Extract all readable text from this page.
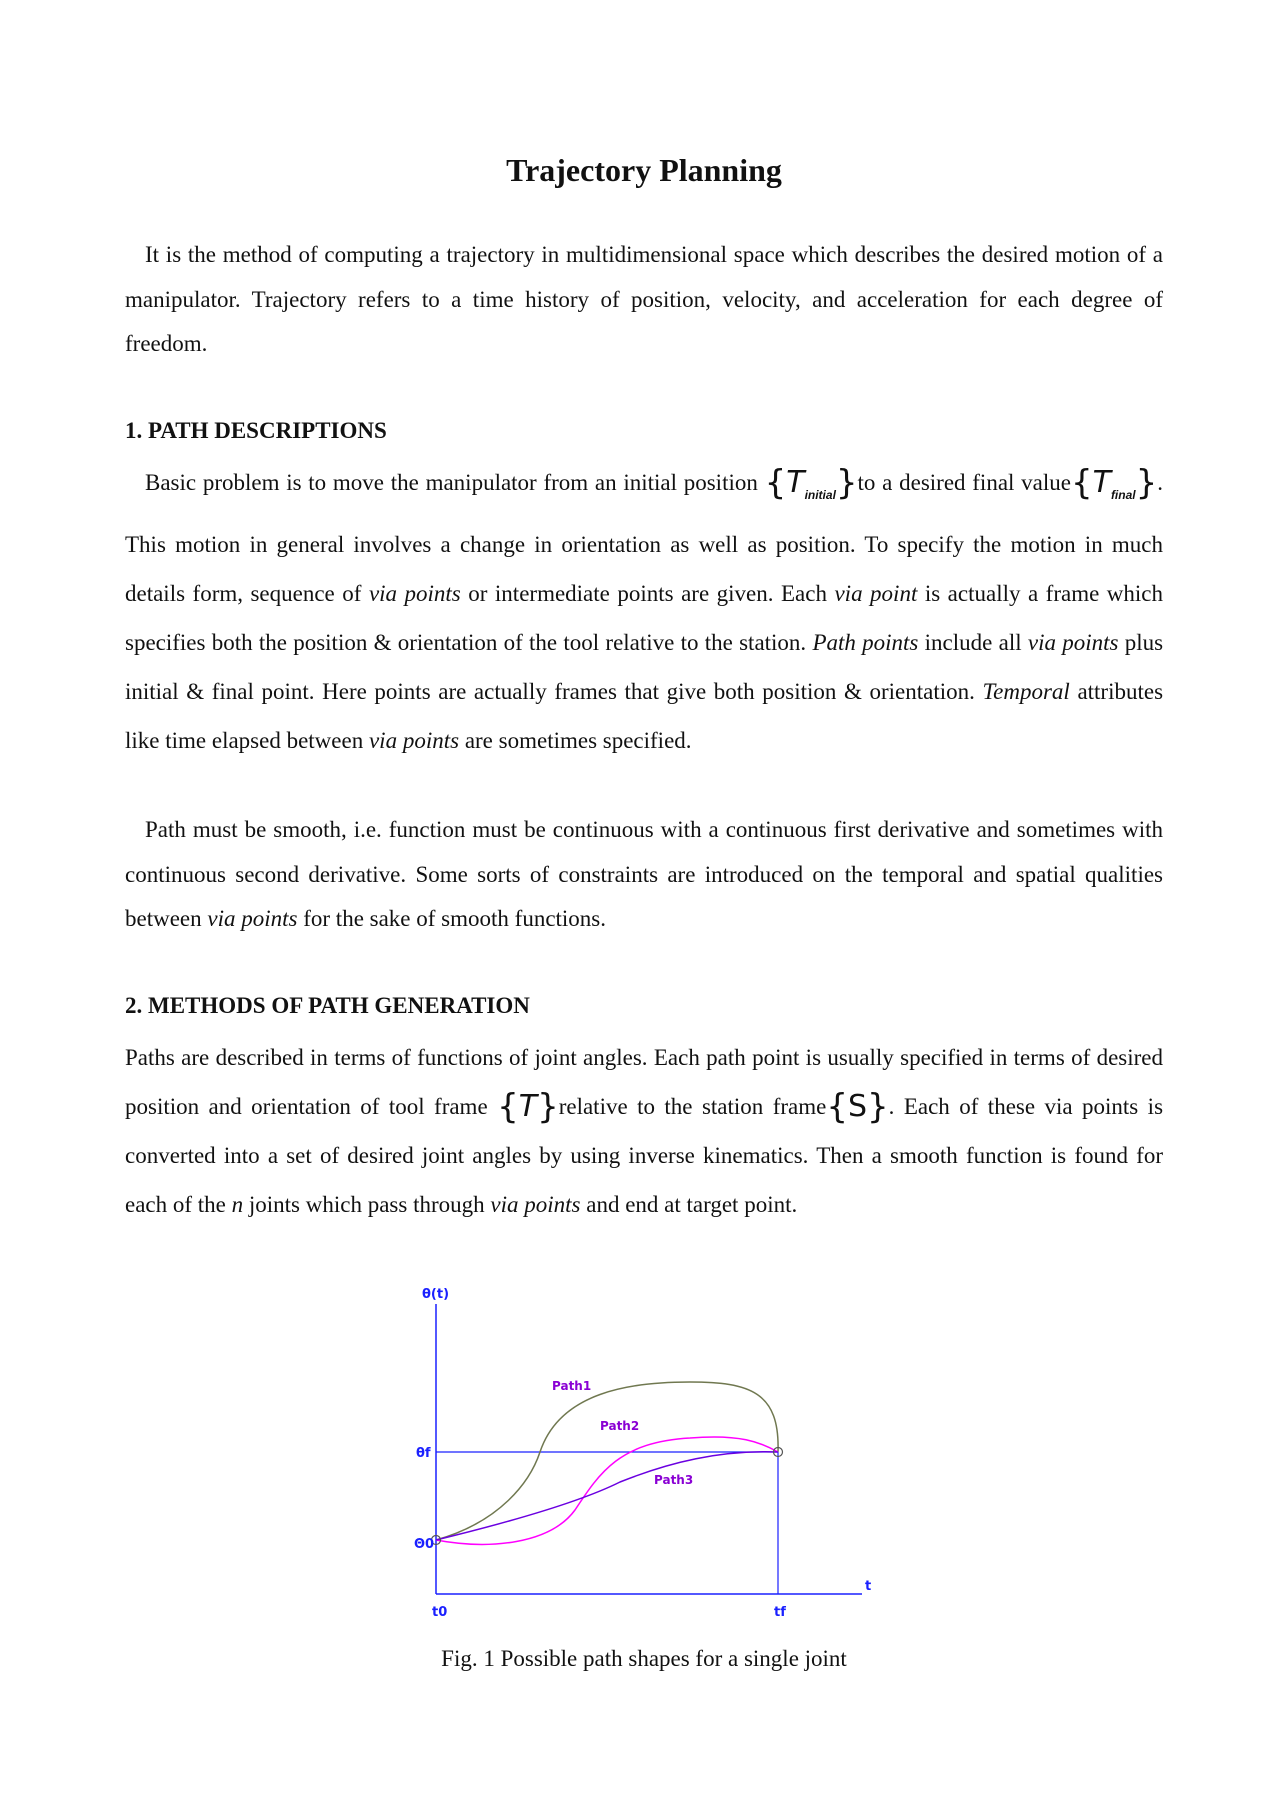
Trajectory Planning

It is the method of computing a trajectory in multidimensional space which describes the desired motion of a manipulator. Trajectory refers to a time history of position, velocity, and acceleration for each degree of freedom.

1. PATH DESCRIPTIONS

Basic problem is to move the manipulator from an initial position $\{T_{initial}\}to$ a desired final $value\{T_{final}\}$. This motion in general involves a change in orientation as well as position. To specify the motion in much details form, sequence of via points or intermediate points are given. Each via point is actually a frame which specifies both the position & orientation of the tool relative to the station. Path points include all via points plus initial & final point. Here points are actually frames that give both position & orientation. Temporal attributes like time elapsed between via points are sometimes specified.

Path must be smooth, i.e. function must be continuous with a continuous first derivative and sometimes with continuous second derivative. Some sorts of constraints are introduced on the temporal and spatial qualities between via points for the sake of smooth functions.

2. METHODS OF PATH GENERATION

Paths are described in terms of functions of joint angles. Each path point is usually specified in terms of desired position and orientation of tool frame {T}relative to the station frame{S}. Each of these via points is converted into a set of desired joint angles by using inverse kinematics. Then a smooth function is found for each of the n joints which pass through via points and end at target point.

θ(t)
t
θf
Θ0
t0	tf
Path1
Path2
Path3
Fig. 1 Possible path shapes for a single joint
